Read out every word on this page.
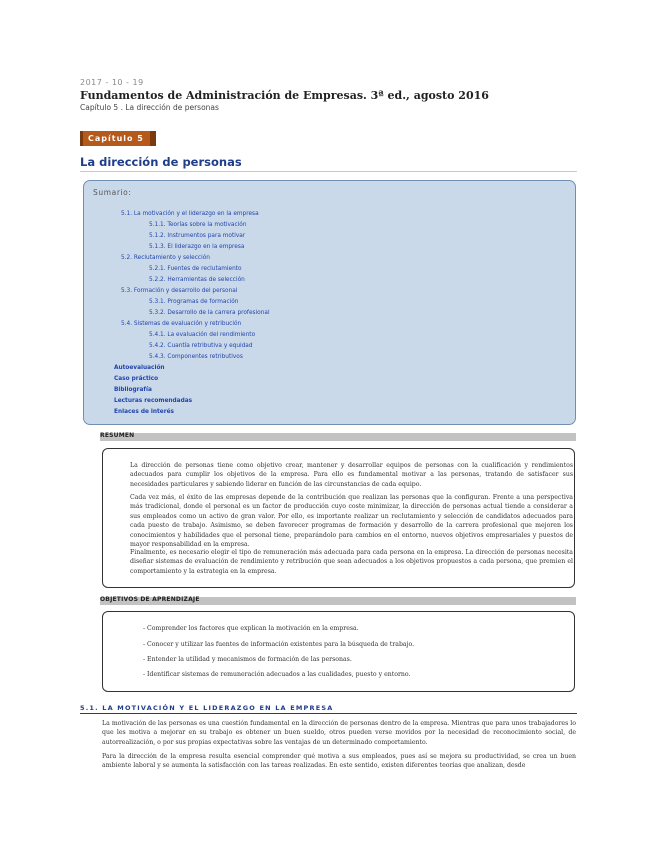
2017 - 10 - 19
Fundamentos de Administración de Empresas. 3ª ed., agosto 2016
Capítulo 5 . La dirección de personas
Capítulo 5
La dirección de personas
Sumario:
5.1. La motivación y el liderazgo en la empresa
5.1.1. Teorías sobre la motivación
5.1.2. Instrumentos para motivar
5.1.3. El liderazgo en la empresa
5.2. Reclutamiento y selección
5.2.1. Fuentes de reclutamiento
5.2.2. Herramientas de selección
5.3. Formación y desarrollo del personal
5.3.1. Programas de formación
5.3.2. Desarrollo de la carrera profesional
5.4. Sistemas de evaluación y retribución
5.4.1. La evaluación del rendimiento
5.4.2. Cuantía retributiva y equidad
5.4.3. Componentes retributivos
Autoevaluación
Caso práctico
Bibliografía
Lecturas recomendadas
Enlaces de interés
RESUMEN

La dirección de personas tiene como objetivo crear, mantener y desarrollar equipos de personas con la cualificación y rendimientos adecuados para cumplir los objetivos de la empresa. Para ello es fundamental motivar a las personas, tratando de satisfacer sus necesidades particulares y sabiendo liderar en función de las circunstancias de cada equipo.

Cada vez más, el éxito de las empresas depende de la contribución que realizan las personas que la configuran. Frente a una perspectiva más tradicional, donde el personal es un factor de producción cuyo coste minimizar, la dirección de personas actual tiende a considerar a sus empleados como un activo de gran valor. Por ello, es importante realizar un reclutamiento y selección de candidatos adecuados para cada puesto de trabajo. Asimismo, se deben favorecer programas de formación y desarrollo de la carrera profesional que mejoren los conocimientos y habilidades que el personal tiene, preparándolo para cambios en el entorno, nuevos objetivos empresariales y puestos de mayor responsabilidad en la empresa.

Finalmente, es necesario elegir el tipo de remuneración más adecuada para cada persona en la empresa. La dirección de personas necesita diseñar sistemas de evaluación de rendimiento y retribución que sean adecuados a los objetivos propuestos a cada persona, que premien el comportamiento y la estrategia en la empresa.

OBJETIVOS DE APRENDIZAJE
- Comprender los factores que explican la motivación en la empresa.
- Conocer y utilizar las fuentes de información existentes para la búsqueda de trabajo.
- Entender la utilidad y mecanismos de formación de las personas.
- Identificar sistemas de remuneración adecuados a las cualidades, puesto y entorno.
5.1. LA MOTIVACIÓN Y EL LIDERAZGO EN LA EMPRESA

La motivación de las personas es una cuestión fundamental en la dirección de personas dentro de la empresa. Mientras que para unos trabajadores lo que les motiva a mejorar en su trabajo es obtener un buen sueldo, otros pueden verse movidos por la necesidad de reconocimiento social, de autorrealización, o por sus propias expectativas sobre las ventajas de un determinado comportamiento.

Para la dirección de la empresa resulta esencial comprender qué motiva a sus empleados, pues así se mejora su productividad, se crea un buen ambiente laboral y se aumenta la satisfacción con las tareas realizadas. En este sentido, existen diferentes teorías que analizan, desde
